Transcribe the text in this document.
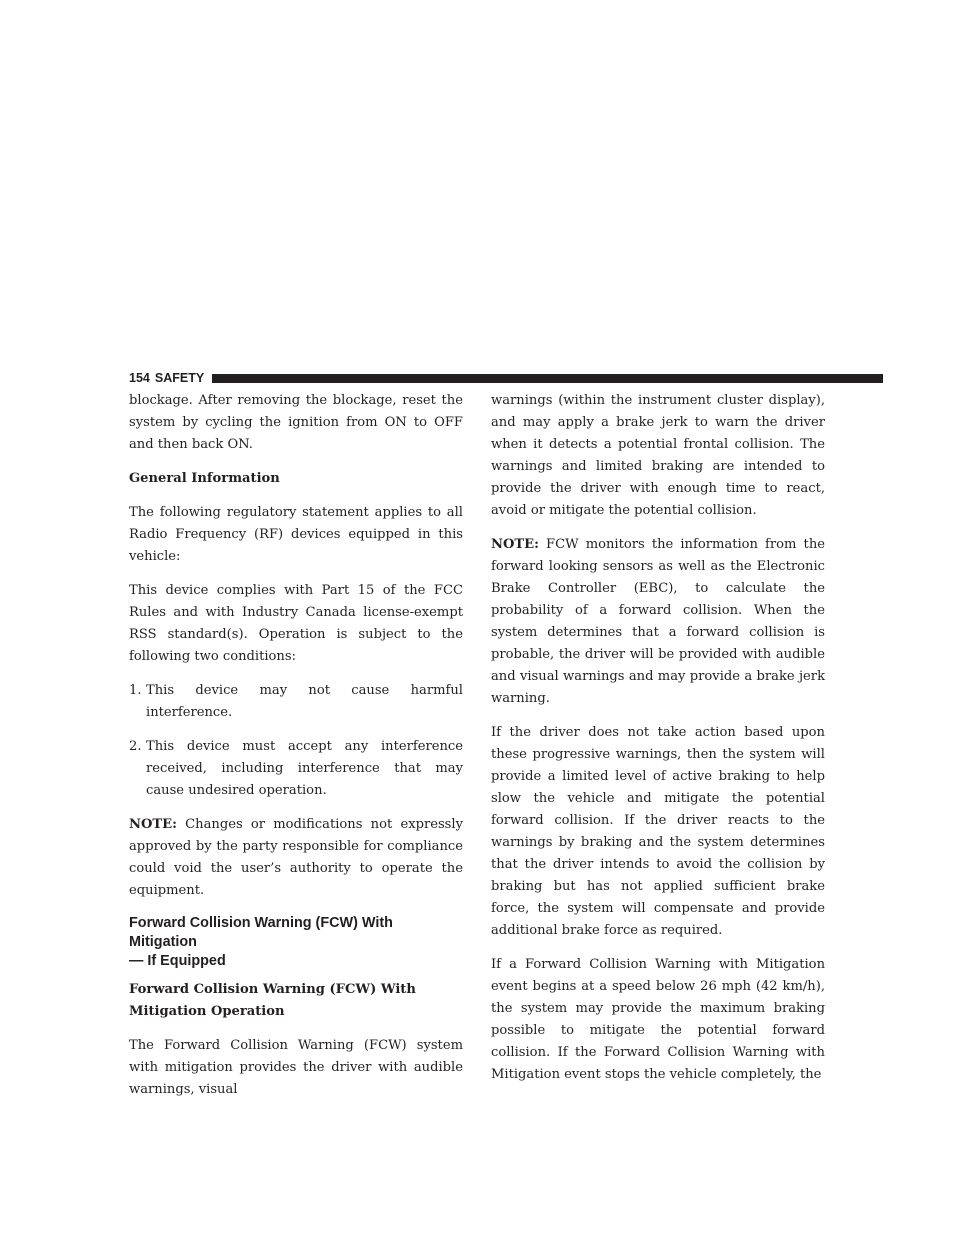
154 SAFETY

blockage. After removing the blockage, reset the system by cycling the ignition from ON to OFF and then back ON.

General Information

The following regulatory statement applies to all Radio Frequency (RF) devices equipped in this vehicle:

This device complies with Part 15 of the FCC Rules and with Industry Canada license-exempt RSS standard(s). Operation is subject to the following two conditions:

1. This device may not cause harmful interference.
2. This device must accept any interference received, including interference that may cause undesired operation.

NOTE: Changes or modifications not expressly approved by the party responsible for compliance could void the user’s authority to operate the equipment.

Forward Collision Warning (FCW) With Mitigation
— If Equipped
Forward Collision Warning (FCW) With Mitigation Operation

The Forward Collision Warning (FCW) system with mitigation provides the driver with audible warnings, visual

warnings (within the instrument cluster display), and may apply a brake jerk to warn the driver when it detects a potential frontal collision. The warnings and limited braking are intended to provide the driver with enough time to react, avoid or mitigate the potential collision.

NOTE: FCW monitors the information from the forward looking sensors as well as the Electronic Brake Controller (EBC), to calculate the probability of a forward collision. When the system determines that a forward collision is probable, the driver will be provided with audible and visual warnings and may provide a brake jerk warning.

If the driver does not take action based upon these progressive warnings, then the system will provide a limited level of active braking to help slow the vehicle and mitigate the potential forward collision. If the driver reacts to the warnings by braking and the system determines that the driver intends to avoid the collision by braking but has not applied sufficient brake force, the system will compensate and provide additional brake force as required.

If a Forward Collision Warning with Mitigation event begins at a speed below 26 mph (42 km/h), the system may provide the maximum braking possible to mitigate the potential forward collision. If the Forward Collision Warning with Mitigation event stops the vehicle completely, the
